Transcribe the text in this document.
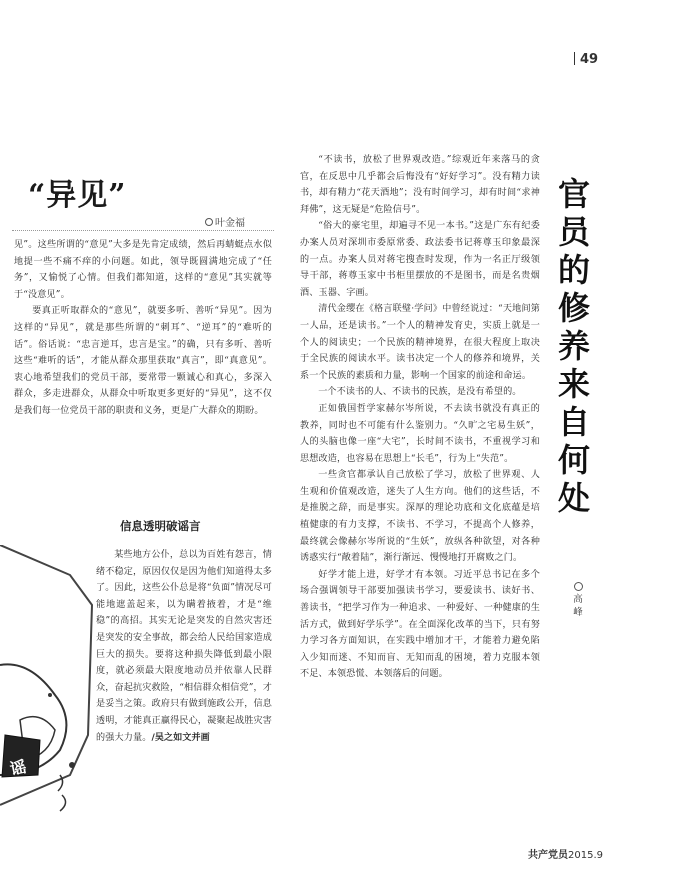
49
“异见”
叶金福

见”。这些所谓的“意见”大多是先肯定成绩，然后再蜻蜓点水似地提一些不痛不痒的小问题。如此，领导既圆满地完成了“任务”，又愉悦了心情。但我们都知道，这样的“意见”其实就等于“没意见”。

要真正听取群众的“意见”，就要多听、善听“异见”。因为这样的“异见”，就是那些所谓的“刺耳”、“逆耳”的“难听的话”。俗话说：“忠言逆耳，忠言是宝。”的确，只有多听、善听这些“难听的话”，才能从群众那里获取“真言”，即“真意见”。衷心地希望我们的党员干部，要常带一颗诚心和真心，多深入群众，多走进群众，从群众中听取更多更好的“异见”，这不仅是我们每一位党员干部的职责和义务，更是广大群众的期盼。

信息透明破谣言

某些地方公仆，总以为百姓有怨言，情绪不稳定，原因仅仅是因为他们知道得太多了。因此，这些公仆总是将“负面”情况尽可能地遮盖起来，以为瞒着掖着，才是“维稳”的高招。其实无论是突发的自然灾害还是突发的安全事故，都会给人民给国家造成巨大的损失。要将这种损失降低到最小限度，就必须最大限度地动员并依靠人民群众，奋起抗灾救险，“相信群众相信党”，才是妥当之策。政府只有做到施政公开，信息透明，才能真正赢得民心，凝聚起战胜灾害的强大力量。/吴之如文并画

谣

“不读书，放松了世界观改造。”综观近年来落马的贪官，在反思中几乎都会后悔没有“好好学习”。没有精力读书，却有精力“花天酒地”；没有时间学习，却有时间“求神拜佛”，这无疑是“危险信号”。

“俗大的豪宅里，却遍寻不见一本书。”这是广东有纪委办案人员对深圳市委原常委、政法委书记蒋尊玉印象最深的一点。办案人员对蒋宅搜查时发现，作为一名正厅级领导干部，蒋尊玉家中书柜里摆放的不是图书，而是名贵烟酒、玉器、字画。

清代金缨在《格言联璧·学问》中曾经说过：“天地间第一人品，还是读书。”一个人的精神发育史，实质上就是一个人的阅读史；一个民族的精神境界，在很大程度上取决于全民族的阅读水平。读书决定一个人的修养和境界，关系一个民族的素质和力量，影响一个国家的前途和命运。

一个不读书的人、不读书的民族，是没有希望的。

正如俄国哲学家赫尔岑所说，不去读书就没有真正的教养，同时也不可能有什么鉴别力。“久旷之宅易生妖”，人的头脑也像一座“大宅”，长时间不读书，不重视学习和思想改造，也容易在思想上“长毛”，行为上“失范”。

一些贪官都承认自己放松了学习，放松了世界观、人生观和价值观改造，迷失了人生方向。他们的这些话，不是推脱之辞，而是事实。深厚的理论功底和文化底蕴是培植健康的有力支撑，不读书、不学习，不提高个人修养，最终就会像赫尔岑所说的“生妖”，放纵各种欲望，对各种诱惑实行“敞着陆”，渐行渐远、慢慢地打开腐败之门。

好学才能上进，好学才有本领。习近平总书记在多个场合强调领导干部要加强读书学习，要爱读书、读好书、善读书，“把学习作为一种追求、一种爱好、一种健康的生活方式，做到好学乐学”。在全面深化改革的当下，只有努力学习各方面知识，在实践中增加才干，才能着力避免陷入少知而迷、不知而盲、无知而乱的困境，着力克服本领不足、本领恐慌、本领落后的问题。

官
员
的
修
养
来
自
何
处
高
峰
共产党员2015.9
